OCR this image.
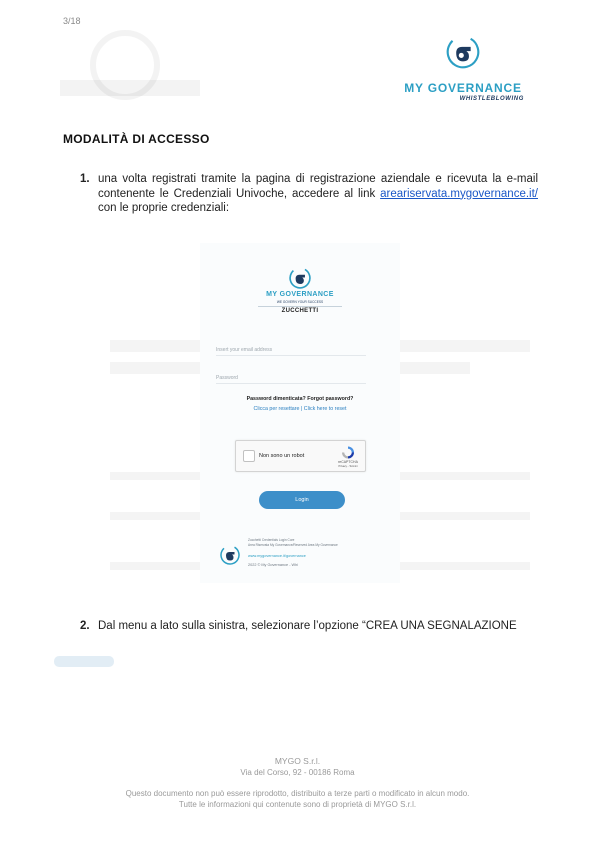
3/18
MY GOVERNANCE
WHISTLEBLOWING
MODALITÀ DI ACCESSO
1. una volta registrati tramite la pagina di registrazione aziendale e ricevuta la e-mail contenente le Credenziali Univoche, accedere al link areariservata.mygovernance.it/ con le proprie credenziali:
MY GOVERNANCE
WE GOVERN YOUR SUCCESS
ZUCCHETTI
Insert your email address
Password
Password dimenticata? Forgot password?
Clicca per resettare | Click here to reset
Non sono un robot
reCAPTCHA
Privacy - Termini
Login
Zucchetti Credentials Login Core
Area Riservata My Governance/Reserved Area My Governance
www.mygovernance.it/governance
2022 © My Governance - Whi
2. Dal menu a lato sulla sinistra, selezionare l’opzione “CREA UNA SEGNALAZIONE
MYGO S.r.l.
Via del Corso, 92 - 00186 Roma
Questo documento non può essere riprodotto, distribuito a terze parti o modificato in alcun modo.
Tutte le informazioni qui contenute sono di proprietà di MYGO S.r.l.
